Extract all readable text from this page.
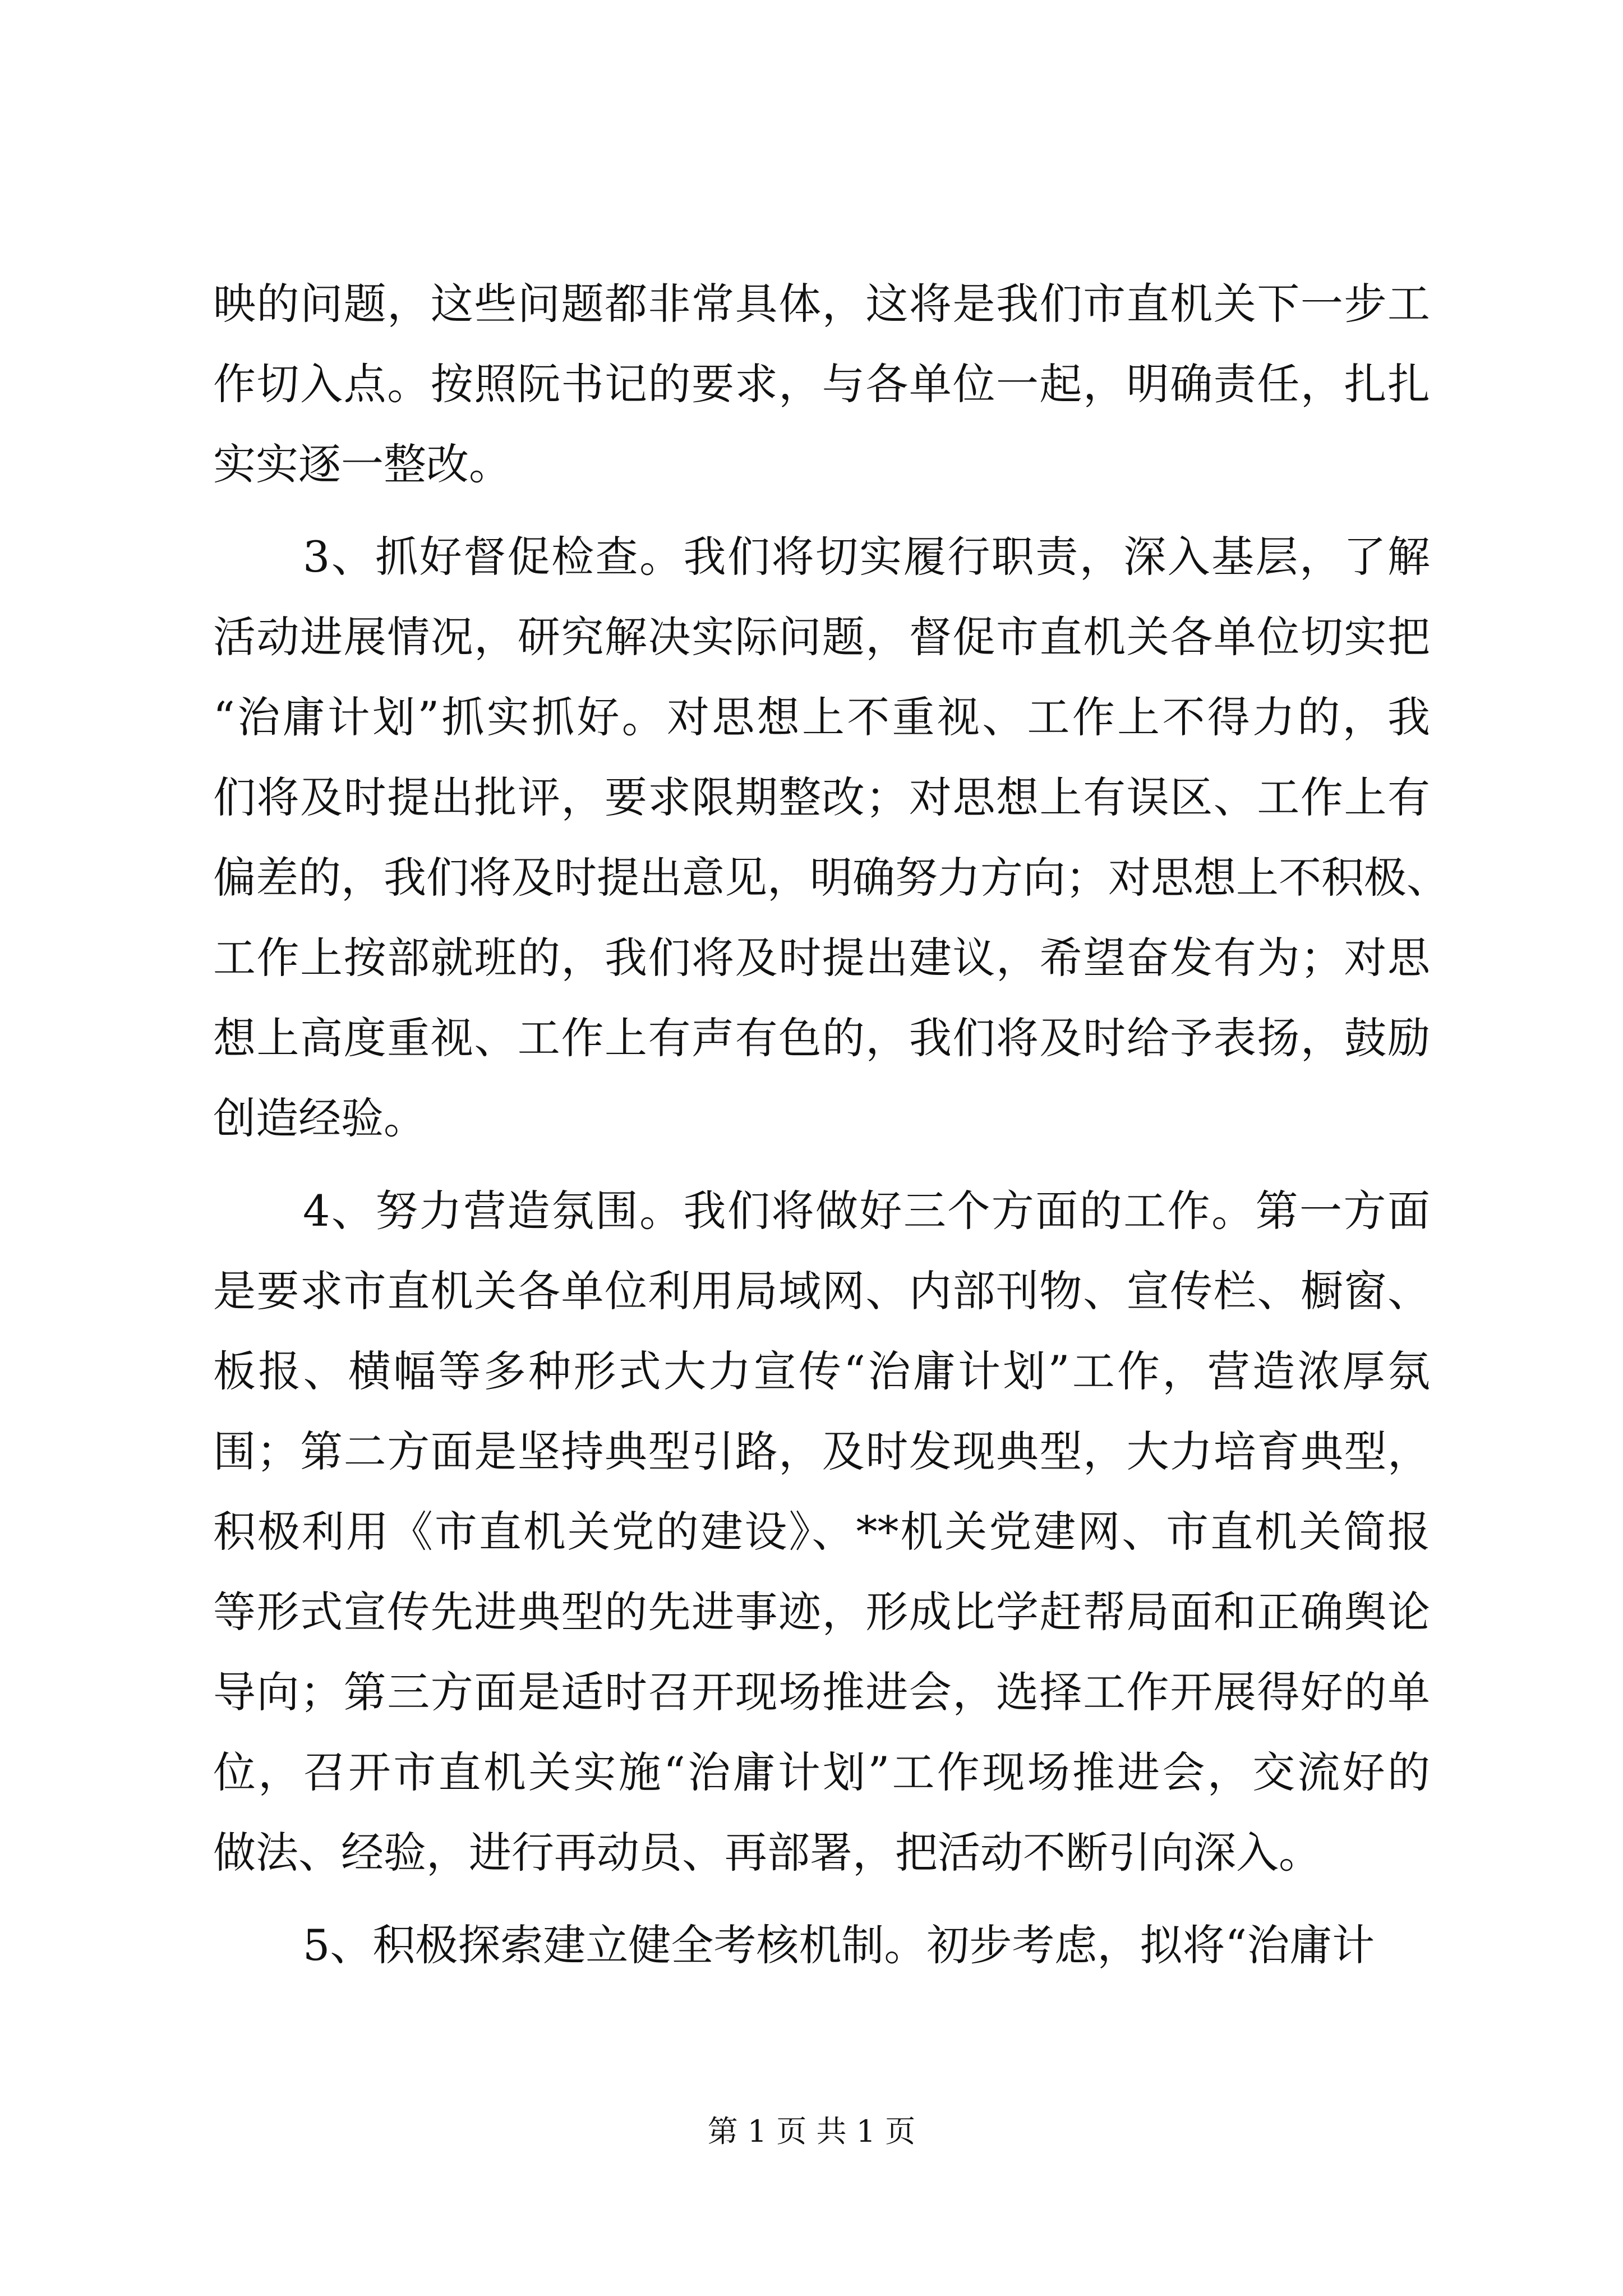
映的问题，这些问题都非常具体，这将是我们市直机关下一步工
作切入点。按照阮书记的要求，与各单位一起，明确责任，扎扎
实实逐一整改。
3、抓好督促检查。我们将切实履行职责，深入基层，了解
活动进展情况，研究解决实际问题，督促市直机关各单位切实把
“治庸计划”抓实抓好。对思想上不重视、工作上不得力的，我
们将及时提出批评，要求限期整改；对思想上有误区、工作上有
偏差的，我们将及时提出意见，明确努力方向；对思想上不积极、
工作上按部就班的，我们将及时提出建议，希望奋发有为；对思
想上高度重视、工作上有声有色的，我们将及时给予表扬，鼓励
创造经验。
4、努力营造氛围。我们将做好三个方面的工作。第一方面
是要求市直机关各单位利用局域网、内部刊物、宣传栏、橱窗、
板报、横幅等多种形式大力宣传“治庸计划”工作，营造浓厚氛
围；第二方面是坚持典型引路，及时发现典型，大力培育典型，
积极利用《市直机关党的建设》、**机关党建网、市直机关简报
等形式宣传先进典型的先进事迹，形成比学赶帮局面和正确舆论
导向；第三方面是适时召开现场推进会，选择工作开展得好的单
位，召开市直机关实施“治庸计划”工作现场推进会，交流好的
做法、经验，进行再动员、再部署，把活动不断引向深入。
5、积极探索建立健全考核机制。初步考虑，拟将“治庸计
第 1 页 共 1 页
